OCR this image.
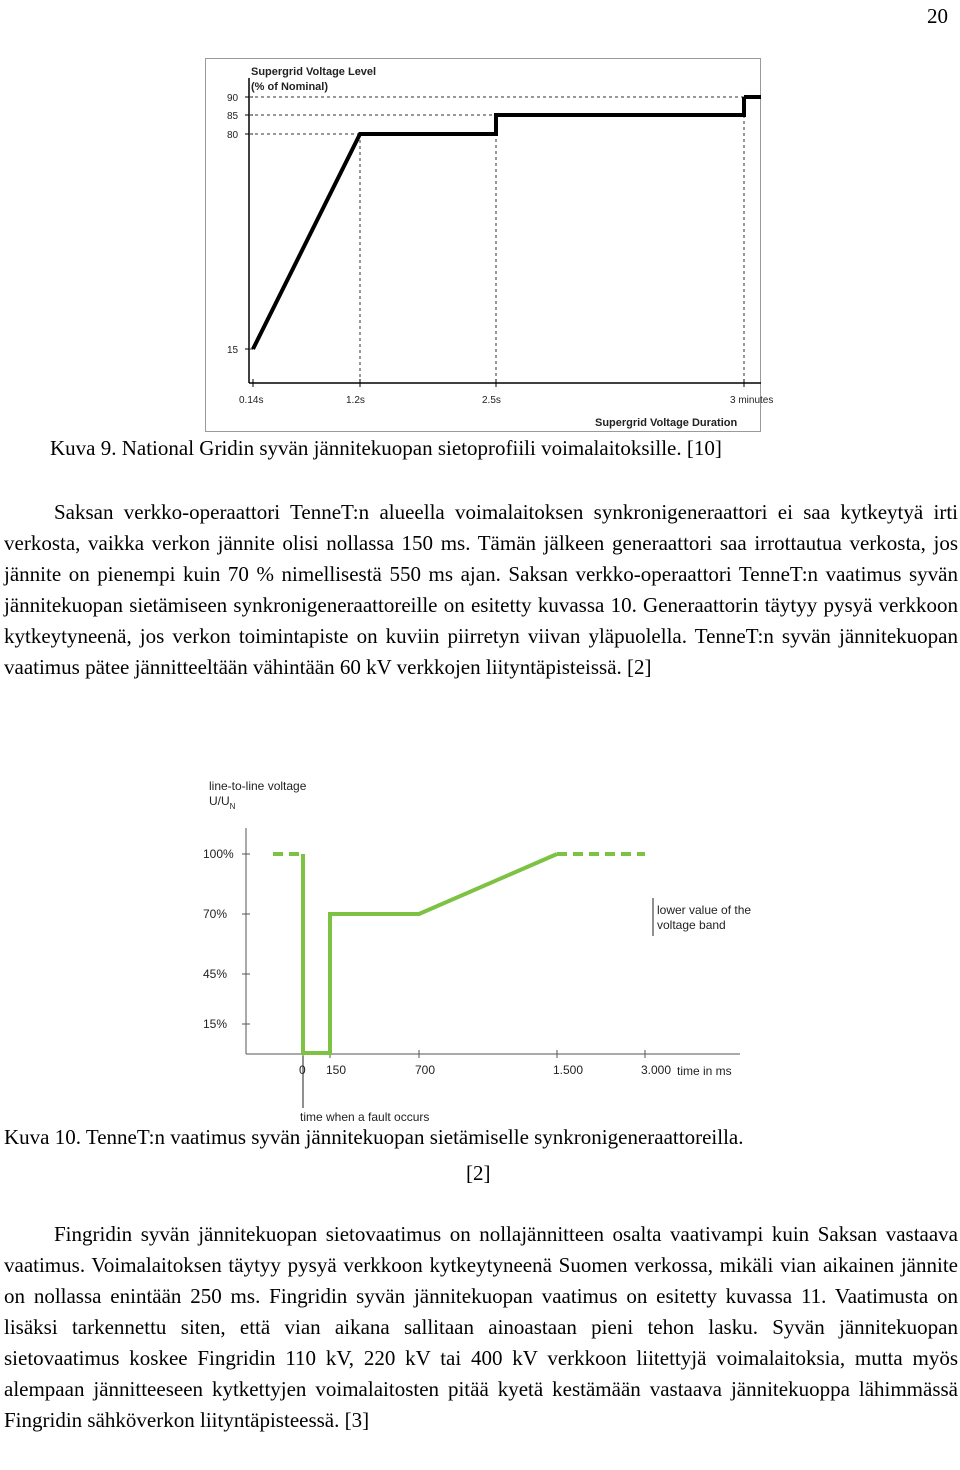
20
Supergrid Voltage Level
(% of Nominal)
90
85
80
15
0.14s	1.2s	2.5s	3 minutes
Supergrid Voltage Duration
Kuva 9. National Gridin syvän jännitekuopan sietoprofiili voimalaitoksille. [10]

Saksan verkko-operaattori TenneT:n alueella voimalaitoksen synkronigeneraattori ei saa kytkeytyä irti verkosta, vaikka verkon jännite olisi nollassa 150 ms. Tämän jälkeen generaattori saa irrottautua verkosta, jos jännite on pienempi kuin 70 % nimellisestä 550 ms ajan. Saksan verkko-operaattori TenneT:n vaatimus syvän jännitekuopan sietämiseen synkronigeneraattoreille on esitetty kuvassa 10. Generaattorin täytyy pysyä verkkoon kytkeytyneenä, jos verkon toimintapiste on kuviin piirretyn viivan yläpuolella. TenneT:n syvän jännitekuopan vaatimus pätee jännitteeltään vähintään 60 kV verkkojen liityntäpisteissä. [2]

line-to-line voltage
$U/U_N$
100%
70%
45%
15%
0 150	700	1.500	3.000 time in ms
time when a fault occurs
lower value of the
voltage band
Kuva 10. TenneT:n vaatimus syvän jännitekuopan sietämiselle synkronigeneraattoreilla.
[2]

Fingridin syvän jännitekuopan sietovaatimus on nollajännitteen osalta vaativampi kuin Saksan vastaava vaatimus. Voimalaitoksen täytyy pysyä verkkoon kytkeytyneenä Suomen verkossa, mikäli vian aikainen jännite on nollassa enintään 250 ms. Fingridin syvän jännitekuopan vaatimus on esitetty kuvassa 11. Vaatimusta on lisäksi tarkennettu siten, että vian aikana sallitaan ainoastaan pieni tehon lasku. Syvän jännitekuopan sietovaatimus koskee Fingridin 110 kV, 220 kV tai 400 kV verkkoon liitettyjä voimalaitoksia, mutta myös alempaan jännitteeseen kytkettyjen voimalaitosten pitää kyetä kestämään vastaava jännitekuoppa lähimmässä Fingridin sähköverkon liityntäpisteessä. [3]
